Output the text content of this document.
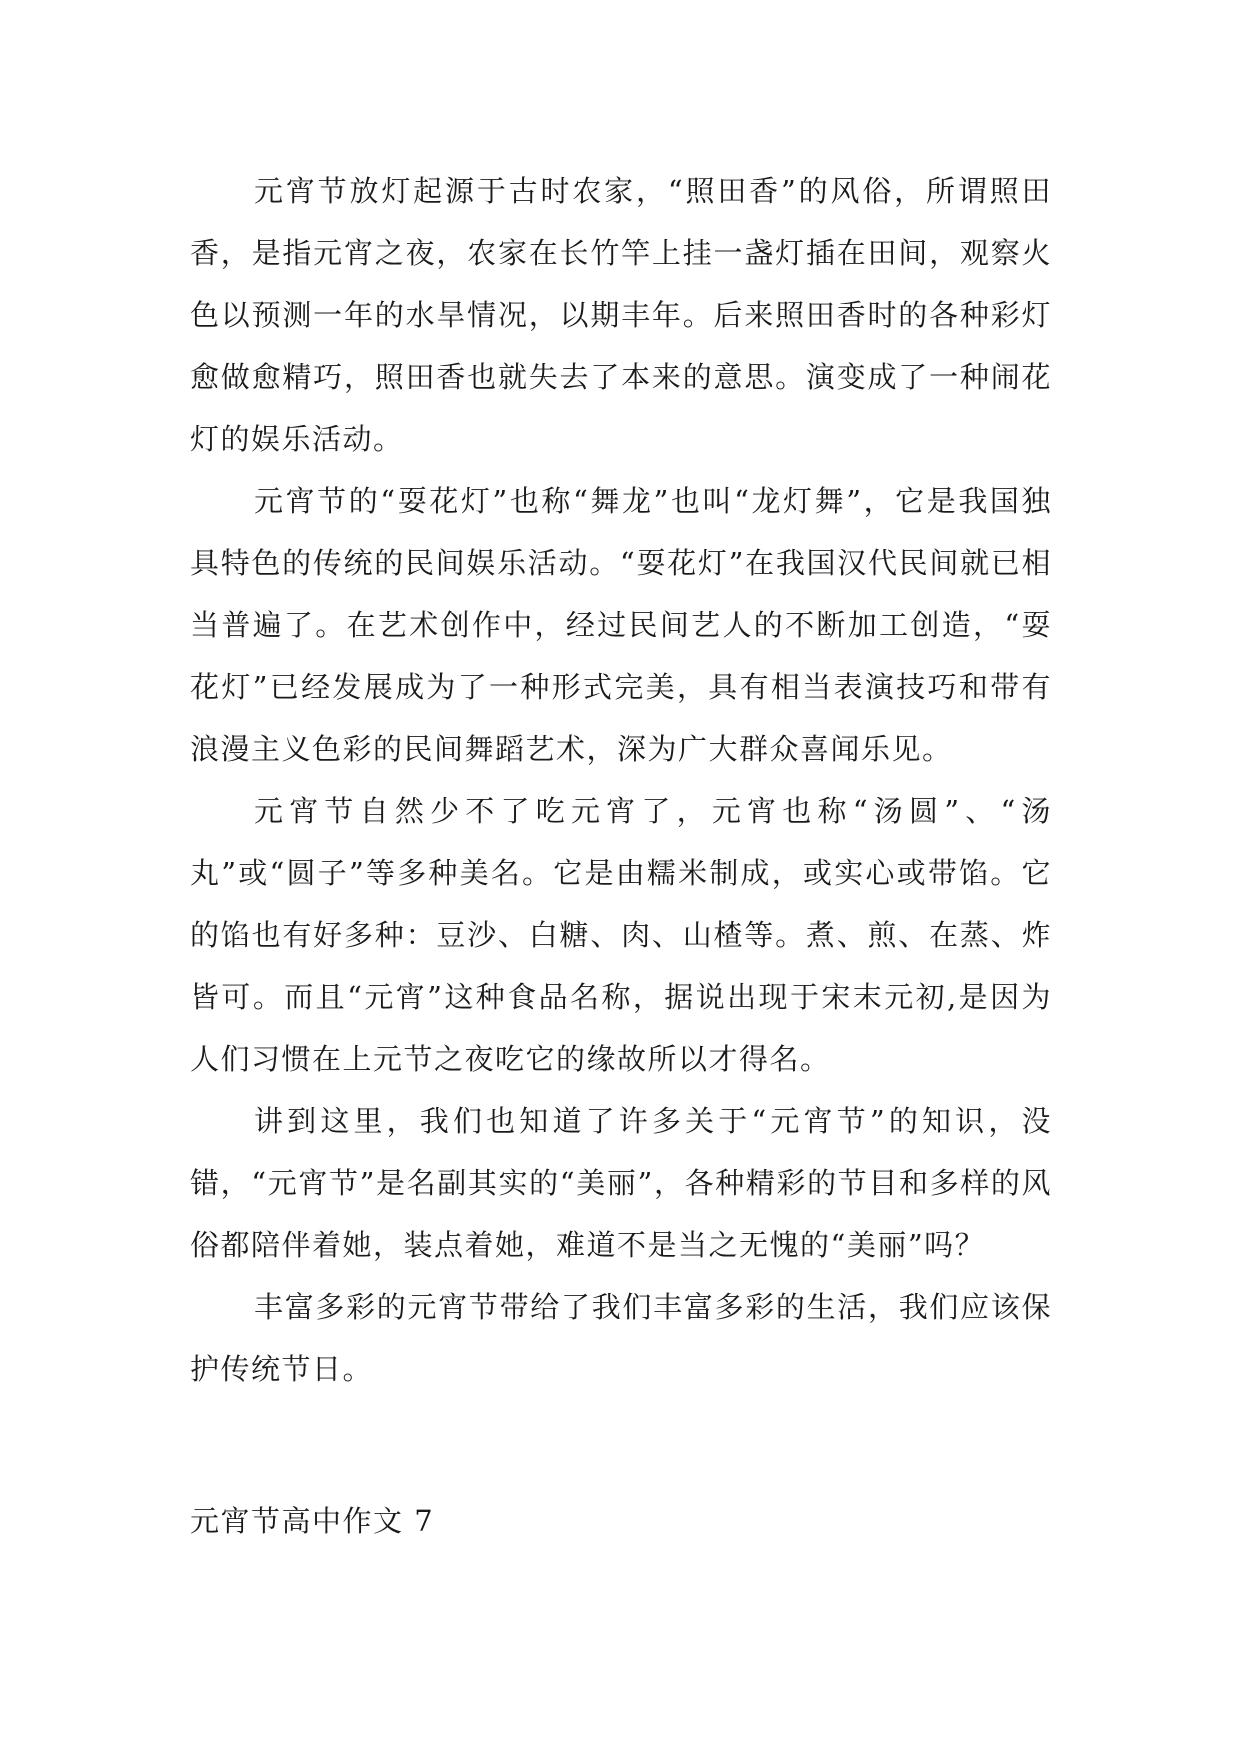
元宵节放灯起源于古时农家，“照田香”的风俗，所谓照田香，是指元宵之夜，农家在长竹竿上挂一盏灯插在田间，观察火色以预测一年的水旱情况，以期丰年。后来照田香时的各种彩灯愈做愈精巧，照田香也就失去了本来的意思。演变成了一种闹花灯的娱乐活动。

元宵节的“耍花灯”也称“舞龙”也叫“龙灯舞”，它是我国独具特色的传统的民间娱乐活动。“耍花灯”在我国汉代民间就已相当普遍了。在艺术创作中，经过民间艺人的不断加工创造，“耍花灯”已经发展成为了一种形式完美，具有相当表演技巧和带有浪漫主义色彩的民间舞蹈艺术，深为广大群众喜闻乐见。

元宵节自然少不了吃元宵了，元宵也称“汤圆”、“汤丸”或“圆子”等多种美名。它是由糯米制成，或实心或带馅。它的馅也有好多种：豆沙、白糖、肉、山楂等。煮、煎、在蒸、炸皆可。而且“元宵”这种食品名称，据说出现于宋末元初,是因为人们习惯在上元节之夜吃它的缘故所以才得名。

讲到这里，我们也知道了许多关于“元宵节”的知识，没错，“元宵节”是名副其实的“美丽”，各种精彩的节目和多样的风俗都陪伴着她，装点着她，难道不是当之无愧的“美丽”吗？

丰富多彩的元宵节带给了我们丰富多彩的生活，我们应该保护传统节日。

元宵节高中作文 7
